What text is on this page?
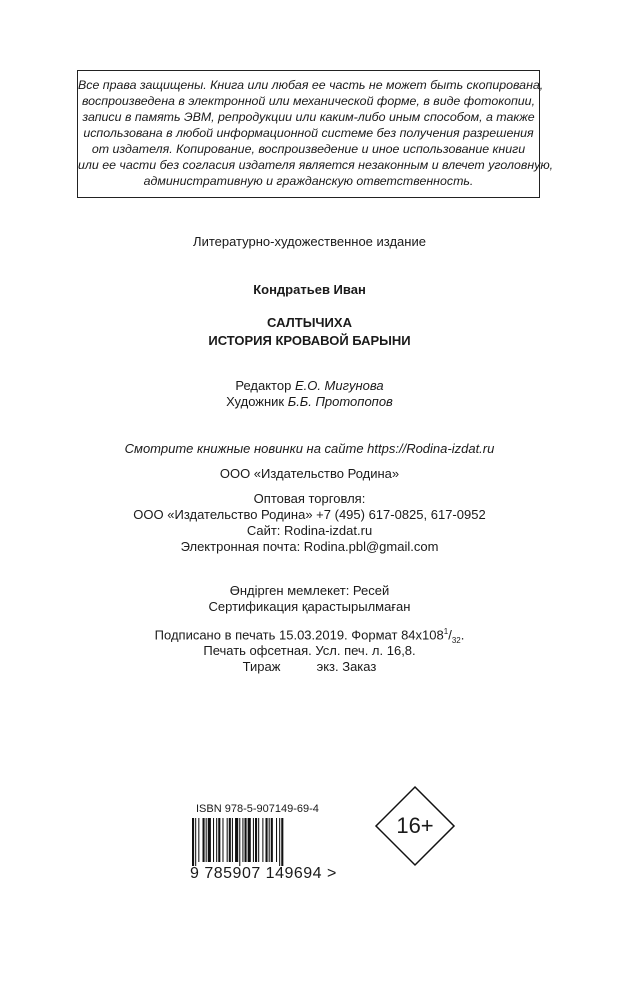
Все права защищены. Книга или любая ее часть не может быть скопирована,
воспроизведена в электронной или механической форме, в виде фотокопии,
записи в память ЭВМ, репродукции или каким-либо иным способом, а также
использована в любой информационной системе без получения разрешения
от издателя. Копирование, воспроизведение и иное использование книги
или ее части без согласия издателя является незаконным и влечет уголовную,
административную и гражданскую ответственность.
Литературно-художественное издание
Кондратьев Иван
САЛТЫЧИХА
ИСТОРИЯ КРОВАВОЙ БАРЫНИ
Редактор Е.О. Мигунова
Художник Б.Б. Протопопов
Смотрите книжные новинки на сайте https://Rodina-izdat.ru
ООО «Издательство Родина»
Оптовая торговля:
ООО «Издательство Родина» +7 (495) 617-0825, 617-0952
Сайт: Rodina-izdat.ru
Электронная почта: Rodina.pbl@gmail.com
Өндірген мемлекет: Ресей
Сертификация қарастырылмаған
Подписано в печать 15.03.2019. Формат $84х108^1/_{32}$.
Печать офсетная. Усл. печ. л. 16,8.
Тираж          экз. Заказ
ISBN 978-5-907149-69-4
9 785907 149694 >
16+
